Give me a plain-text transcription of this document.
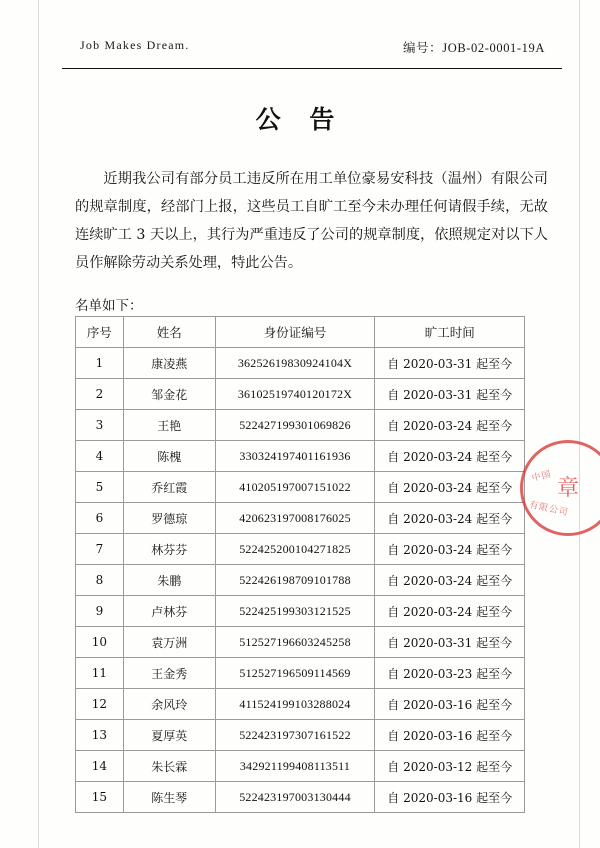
Job Makes Dream.	编号：JOB-02-0001-19A
公 告
近期我公司有部分员工违反所在用工单位豪易安科技（温州）有限公司的规章制度，经部门上报，这些员工自旷工至今未办理任何请假手续，无故连续旷工 3 天以上，其行为严重违反了公司的规章制度，依照规定对以下人员作解除劳动关系处理，特此公告。
名单如下：
序号	姓名	身份证编号	旷工时间
1	康凌燕	36252619830924104X	自 2020-03-31 起至今
2	邹金花	36102519740120172X	自 2020-03-31 起至今
3	王艳	522427199301069826	自 2020-03-24 起至今
4	陈槐	330324197401161936	自 2020-03-24 起至今
5	乔红霞	410205197007151022	自 2020-03-24 起至今
6	罗德琼	420623197008176025	自 2020-03-24 起至今
7	林芬芬	522425200104271825	自 2020-03-24 起至今
8	朱鹏	522426198709101788	自 2020-03-24 起至今
9	卢林芬	522425199303121525	自 2020-03-24 起至今
10	袁万洲	512527196603245258	自 2020-03-31 起至今
11	王金秀	512527196509114569	自 2020-03-23 起至今
12	余风玲	411524199103288024	自 2020-03-16 起至今
13	夏厚英	522423197307161522	自 2020-03-16 起至今
14	朱长霖	342921199408113511	自 2020-03-12 起至今
15	陈生琴	522423197003130444	自 2020-03-16 起至今
中国 章
有限公司
